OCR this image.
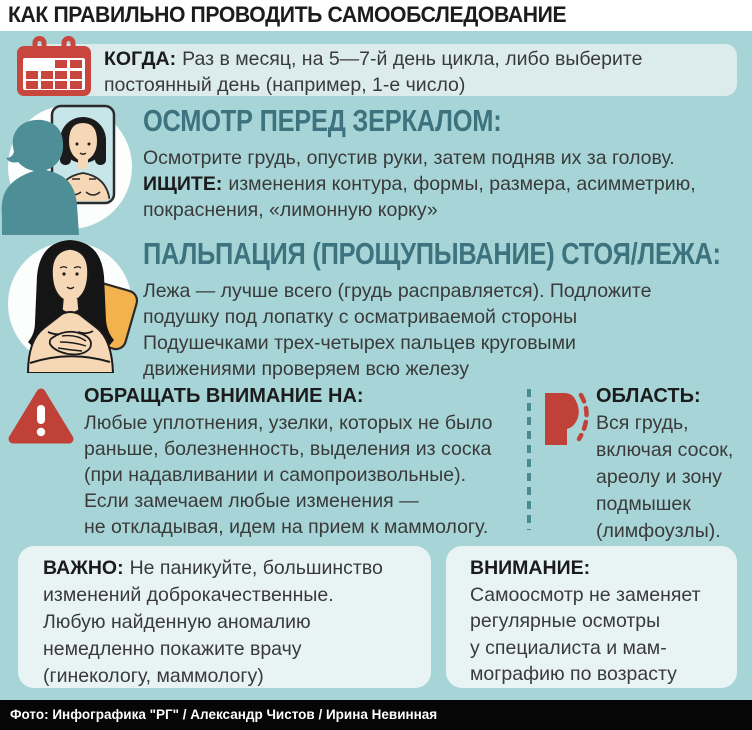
КАК ПРАВИЛЬНО ПРОВОДИТЬ САМООБСЛЕДОВАНИЕ
КОГДА: Раз в месяц, на 5—7-й день цикла, либо выберите
постоянный день (например, 1-е число)
ОСМОТР ПЕРЕД ЗЕРКАЛОМ:
Осмотрите грудь, опустив руки, затем подняв их за голову.
ИЩИТЕ: изменения контура, формы, размера, асимметрию,
покраснения, «лимонную корку»
ПАЛЬПАЦИЯ (ПРОЩУПЫВАНИЕ) СТОЯ/ЛЕЖА:
Лежа — лучше всего (грудь расправляется). Подложите
подушку под лопатку с осматриваемой стороны
Подушечками трех-четырех пальцев круговыми
движениями проверяем всю железу
ОБРАЩАТЬ ВНИМАНИЕ НА:
Любые уплотнения, узелки, которых не было
раньше, болезненность, выделения из соска
(при надавливании и самопроизвольные).
Если замечаем любые изменения —
не откладывая, идем на прием к маммологу.
ОБЛАСТЬ:
Вся грудь,
включая сосок,
ареолу и зону
подмышек
(лимфоузлы).
ВАЖНО: Не паникуйте, большинство
изменений доброкачественные.
Любую найденную аномалию
немедленно покажите врачу
(гинекологу, маммологу)
ВНИМАНИЕ:
Самоосмотр не заменяет
регулярные осмотры
у специалиста и мам-
мографию по возрасту
Фото: Инфографика "РГ" / Александр Чистов / Ирина Невинная
